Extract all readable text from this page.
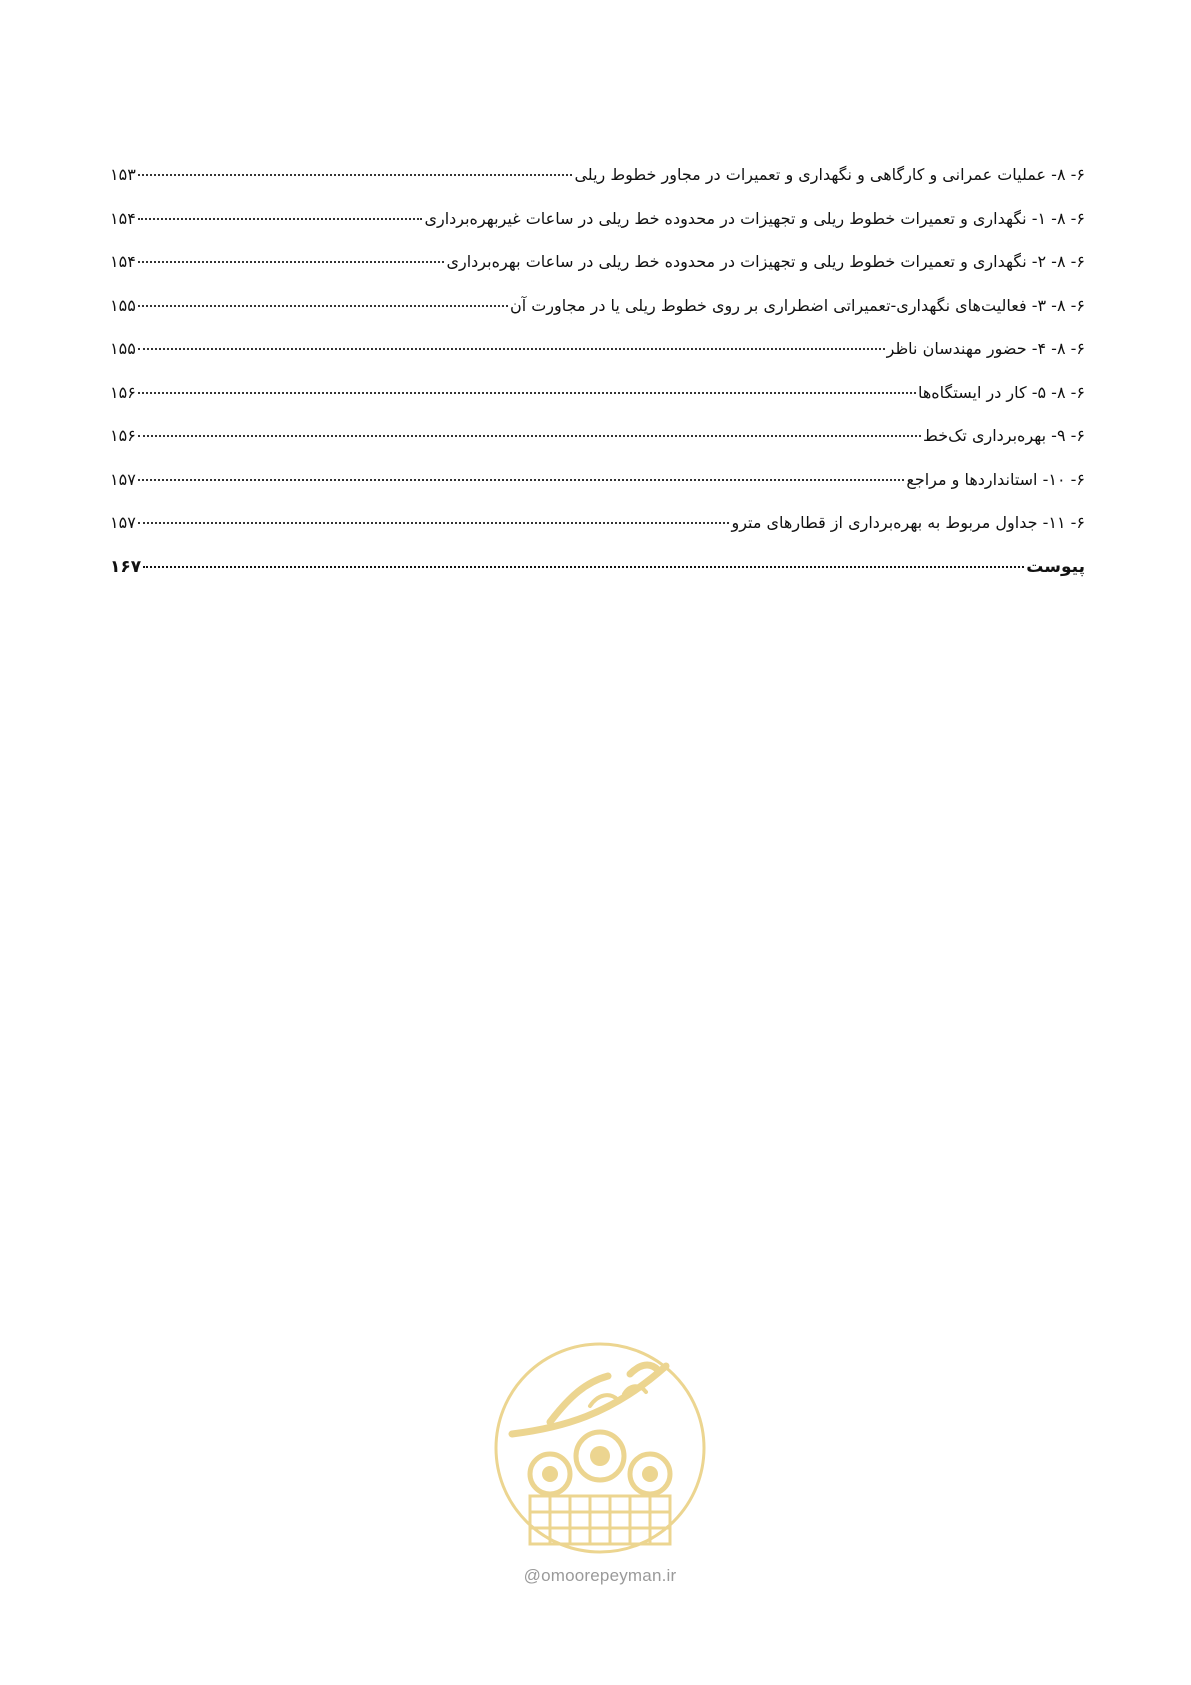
۶- ۸- عملیات عمرانی و کارگاهی و نگهداری و تعمیرات در مجاور خطوط ریلی
۱۵۳
۶- ۸- ۱- نگهداری و تعمیرات خطوط ریلی و تجهیزات در محدوده خط ریلی در ساعات غیربهره‌برداری
۱۵۴
۶- ۸- ۲- نگهداری و تعمیرات خطوط ریلی و تجهیزات در محدوده خط ریلی در ساعات بهره‌برداری
۱۵۴
۶- ۸- ۳- فعالیت‌های نگهداری-تعمیراتی اضطراری بر روی خطوط ریلی یا در مجاورت آن
۱۵۵
۶- ۸- ۴- حضور مهندسان ناظر
۱۵۵
۶- ۸- ۵- کار در ایستگاه‌ها
۱۵۶
۶- ۹- بهره‌برداری تک‌خط
۱۵۶
۶- ۱۰- استانداردها و مراجع
۱۵۷
۶- ۱۱- جداول مربوط به بهره‌برداری از قطارهای مترو
۱۵۷
پیوست
۱۶۷
@omoorepeyman.ir
